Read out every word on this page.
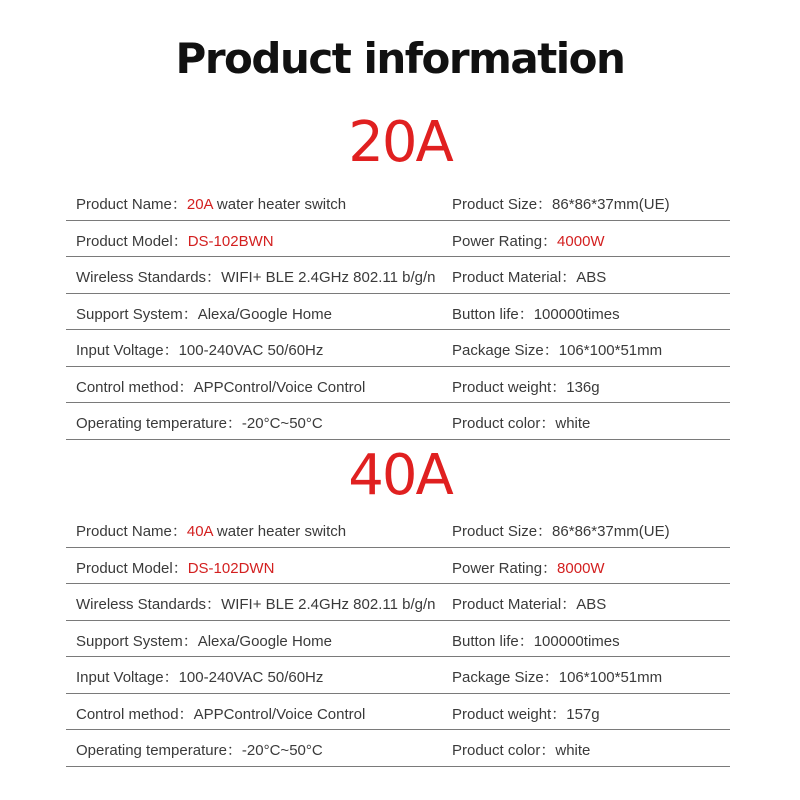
Product information
20A
Product Name：20A water heater switch	Product Size：86*86*37mm(UE)
Product Model：DS-102BWN	Power Rating：4000W
Wireless Standards：WIFI+ BLE 2.4GHz 802.11 b/g/n Product Material：ABS
Support System：Alexa/Google Home	Button life：100000times
Input Voltage：100-240VAC 50/60Hz	Package Size：106*100*51mm
Control method：APPControl/Voice Control	Product weight：136g
Operating temperature：-20°C~50°C	Product color：white
40A
Product Name：40A water heater switch	Product Size：86*86*37mm(UE)
Product Model：DS-102DWN	Power Rating：8000W
Wireless Standards：WIFI+ BLE 2.4GHz 802.11 b/g/n Product Material：ABS
Support System：Alexa/Google Home	Button life：100000times
Input Voltage：100-240VAC 50/60Hz	Package Size：106*100*51mm
Control method：APPControl/Voice Control	Product weight：157g
Operating temperature：-20°C~50°C	Product color：white
